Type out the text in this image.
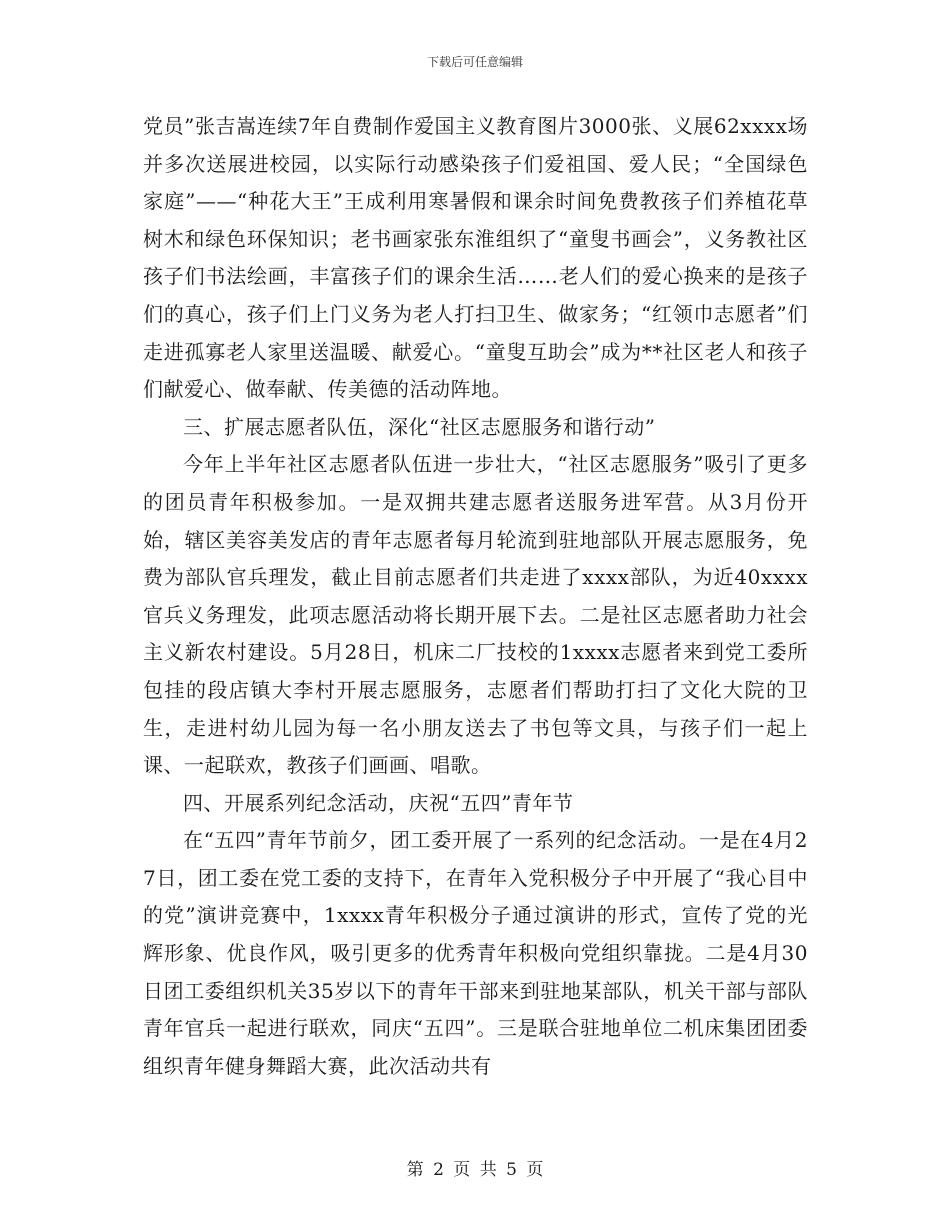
下载后可任意编辑

党员”张吉嵩连续7年自费制作爱国主义教育图片3000张、义展62xxxx场并多次送展进校园，以实际行动感染孩子们爱祖国、爱人民；“全国绿色家庭”——“种花大王”王成利用寒暑假和课余时间免费教孩子们养植花草树木和绿色环保知识；老书画家张东淮组织了“童叟书画会”，义务教社区孩子们书法绘画，丰富孩子们的课余生活……老人们的爱心换来的是孩子们的真心，孩子们上门义务为老人打扫卫生、做家务；“红领巾志愿者”们走进孤寡老人家里送温暖、献爱心。“童叟互助会”成为**社区老人和孩子们献爱心、做奉献、传美德的活动阵地。

三、扩展志愿者队伍，深化“社区志愿服务和谐行动”

今年上半年社区志愿者队伍进一步壮大，“社区志愿服务”吸引了更多的团员青年积极参加。一是双拥共建志愿者送服务进军营。从3月份开始，辖区美容美发店的青年志愿者每月轮流到驻地部队开展志愿服务，免费为部队官兵理发，截止目前志愿者们共走进了xxxx部队，为近40xxxx官兵义务理发，此项志愿活动将长期开展下去。二是社区志愿者助力社会主义新农村建设。5月28日，机床二厂技校的1xxxx志愿者来到党工委所包挂的段店镇大李村开展志愿服务，志愿者们帮助打扫了文化大院的卫生，走进村幼儿园为每一名小朋友送去了书包等文具，与孩子们一起上课、一起联欢，教孩子们画画、唱歌。

四、开展系列纪念活动，庆祝“五四”青年节

在“五四”青年节前夕，团工委开展了一系列的纪念活动。一是在4月27日，团工委在党工委的支持下，在青年入党积极分子中开展了“我心目中的党”演讲竞赛中，1xxxx青年积极分子通过演讲的形式，宣传了党的光辉形象、优良作风，吸引更多的优秀青年积极向党组织靠拢。二是4月30日团工委组织机关35岁以下的青年干部来到驻地某部队，机关干部与部队青年官兵一起进行联欢，同庆“五四”。三是联合驻地单位二机床集团团委组织青年健身舞蹈大赛，此次活动共有

第 2 页 共 5 页
